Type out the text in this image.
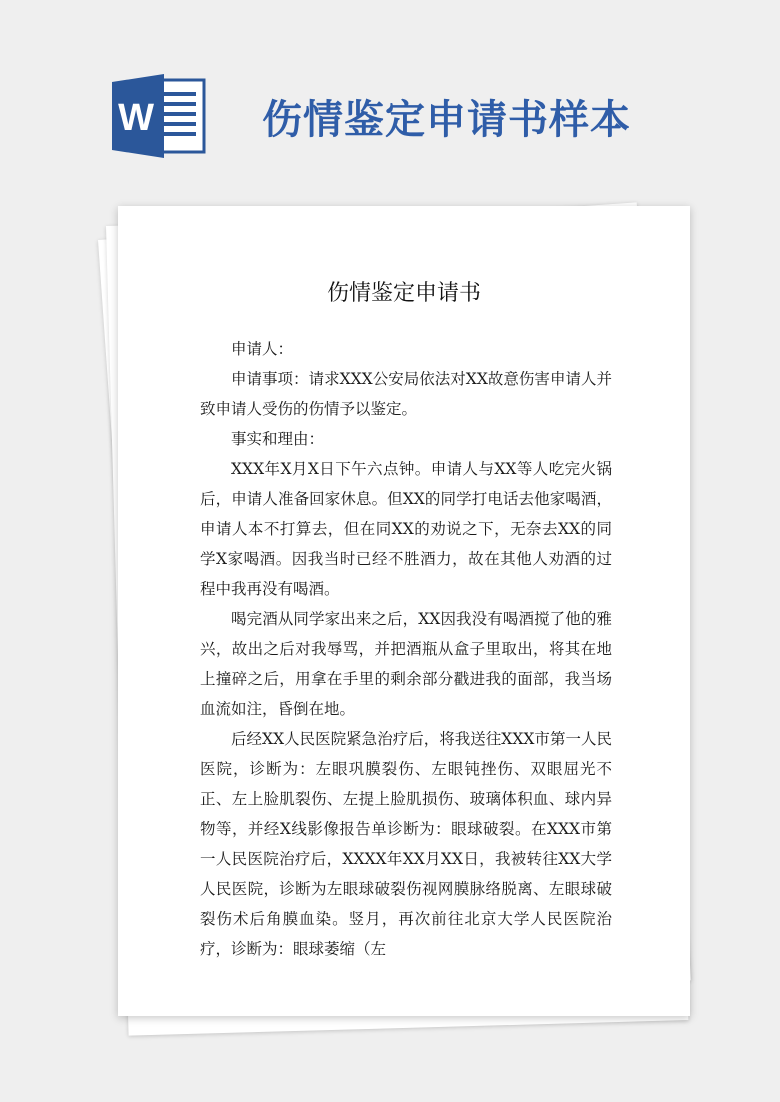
W	伤情鉴定申请书样本
伤情鉴定申请书

申请人：

申请事项：请求XXX公安局依法对XX故意伤害申请人并致申请人受伤的伤情予以鉴定。

事实和理由：

XXX年X月X日下午六点钟。申请人与XX等人吃完火锅后，申请人准备回家休息。但XX的同学打电话去他家喝酒，申请人本不打算去，但在同XX的劝说之下，无奈去XX的同学X家喝酒。因我当时已经不胜酒力，故在其他人劝酒的过程中我再没有喝酒。

喝完酒从同学家出来之后，XX因我没有喝酒搅了他的雅兴，故出之后对我辱骂，并把酒瓶从盒子里取出，将其在地上撞碎之后，用拿在手里的剩余部分戳进我的面部，我当场血流如注，昏倒在地。

后经XX人民医院紧急治疗后，将我送往XXX市第一人民医院，诊断为：左眼巩膜裂伤、左眼钝挫伤、双眼屈光不正、左上脸肌裂伤、左提上脸肌损伤、玻璃体积血、球内异物等，并经X线影像报告单诊断为：眼球破裂。在XXX市第一人民医院治疗后，XXXX年XX月XX日，我被转往XX大学人民医院，诊断为左眼球破裂伤视网膜脉络脱离、左眼球破裂伤术后角膜血染。竖月，再次前往北京大学人民医院治疗，诊断为：眼球萎缩（左
